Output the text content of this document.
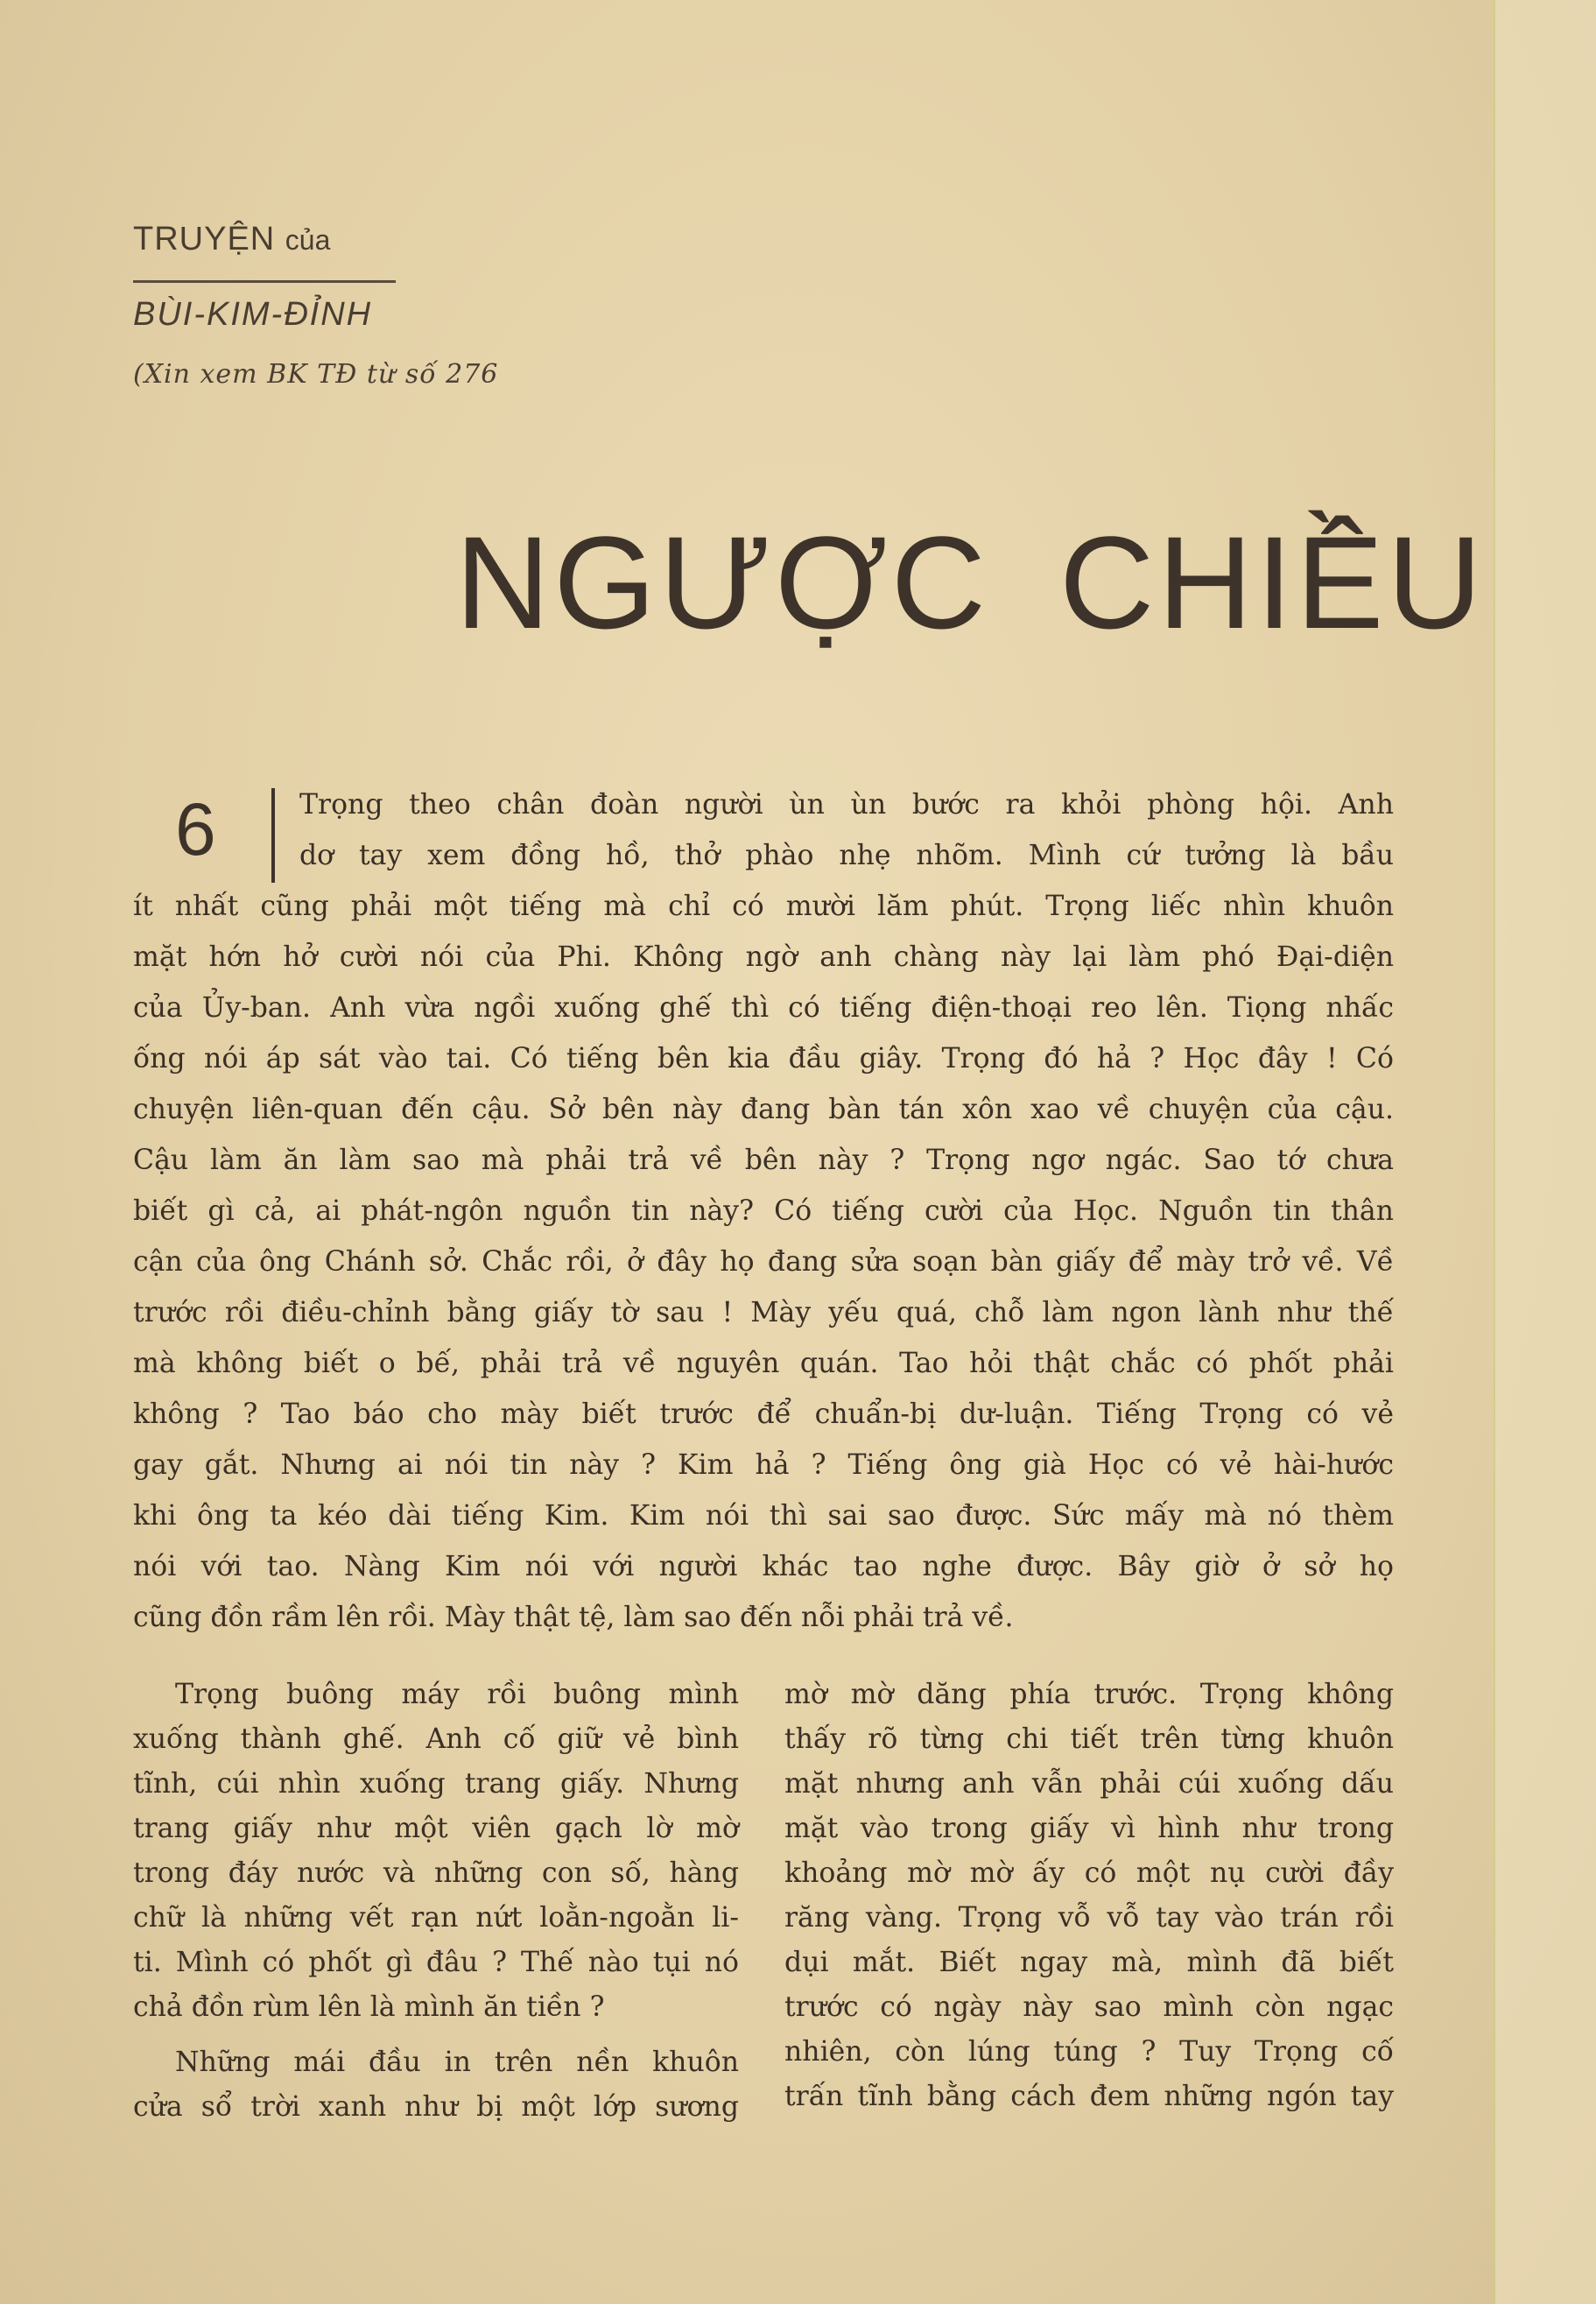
TRUYỆN của
BÙI-KIM-ĐỈNH
(Xin xem BK TĐ từ số 276
NGƯỢC CHIỀU
6	Trọng theo chân đoàn người ùn ùn bước ra khỏi phòng hội. Anh
dơ tay xem đồng hồ, thở phào nhẹ nhõm. Mình cứ tưởng là bầu
ít nhất cũng phải một tiếng mà chỉ có mười lăm phút. Trọng liếc nhìn khuôn
mặt hớn hở cười nói của Phi. Không ngờ anh chàng này lại làm phó Đại-diện
của Ủy-ban. Anh vừa ngồi xuống ghế thì có tiếng điện-thoại reo lên. Tiọng nhấc
ống nói áp sát vào tai. Có tiếng bên kia đầu giây. Trọng đó hả ? Học đây ! Có
chuyện liên-quan đến cậu. Sở bên này đang bàn tán xôn xao về chuyện của cậu.
Cậu làm ăn làm sao mà phải trả về bên này ? Trọng ngơ ngác. Sao tớ chưa
biết gì cả, ai phát-ngôn nguồn tin này? Có tiếng cười của Học. Nguồn tin thân
cận của ông Chánh sở. Chắc rồi, ở đây họ đang sửa soạn bàn giấy để mày trở về. Về
trước rồi điều-chỉnh bằng giấy tờ sau ! Mày yếu quá, chỗ làm ngon lành như thế
mà không biết o bế, phải trả về nguyên quán. Tao hỏi thật chắc có phốt phải
không ? Tao báo cho mày biết trước để chuẩn-bị dư-luận. Tiếng Trọng có vẻ
gay gắt. Nhưng ai nói tin này ? Kim hả ? Tiếng ông già Học có vẻ hài-hước
khi ông ta kéo dài tiếng Kim. Kim nói thì sai sao được. Sức mấy mà nó thèm
nói với tao. Nàng Kim nói với người khác tao nghe được. Bây giờ ở sở họ
cũng đồn rầm lên rồi. Mày thật tệ, làm sao đến nỗi phải trả về.
Trọng buông máy rồi buông mình
xuống thành ghế. Anh cố giữ vẻ bình
tĩnh, cúi nhìn xuống trang giấy. Nhưng
trang giấy như một viên gạch lờ mờ
trong đáy nước và những con số, hàng
chữ là những vết rạn nứt loằn-ngoằn li-
ti. Mình có phốt gì đâu ? Thế nào tụi nó
chả đồn rùm lên là mình ăn tiền ?
Những mái đầu in trên nền khuôn
cửa sổ trời xanh như bị một lớp sương
mờ mờ dăng phía trước. Trọng không
thấy rõ từng chi tiết trên từng khuôn
mặt nhưng anh vẫn phải cúi xuống dấu
mặt vào trong giấy vì hình như trong
khoảng mờ mờ ấy có một nụ cười đầy
răng vàng. Trọng vỗ vỗ tay vào trán rồi
dụi mắt. Biết ngay mà, mình đã biết
trước có ngày này sao mình còn ngạc
nhiên, còn lúng túng ? Tuy Trọng cố
trấn tĩnh bằng cách đem những ngón tay
